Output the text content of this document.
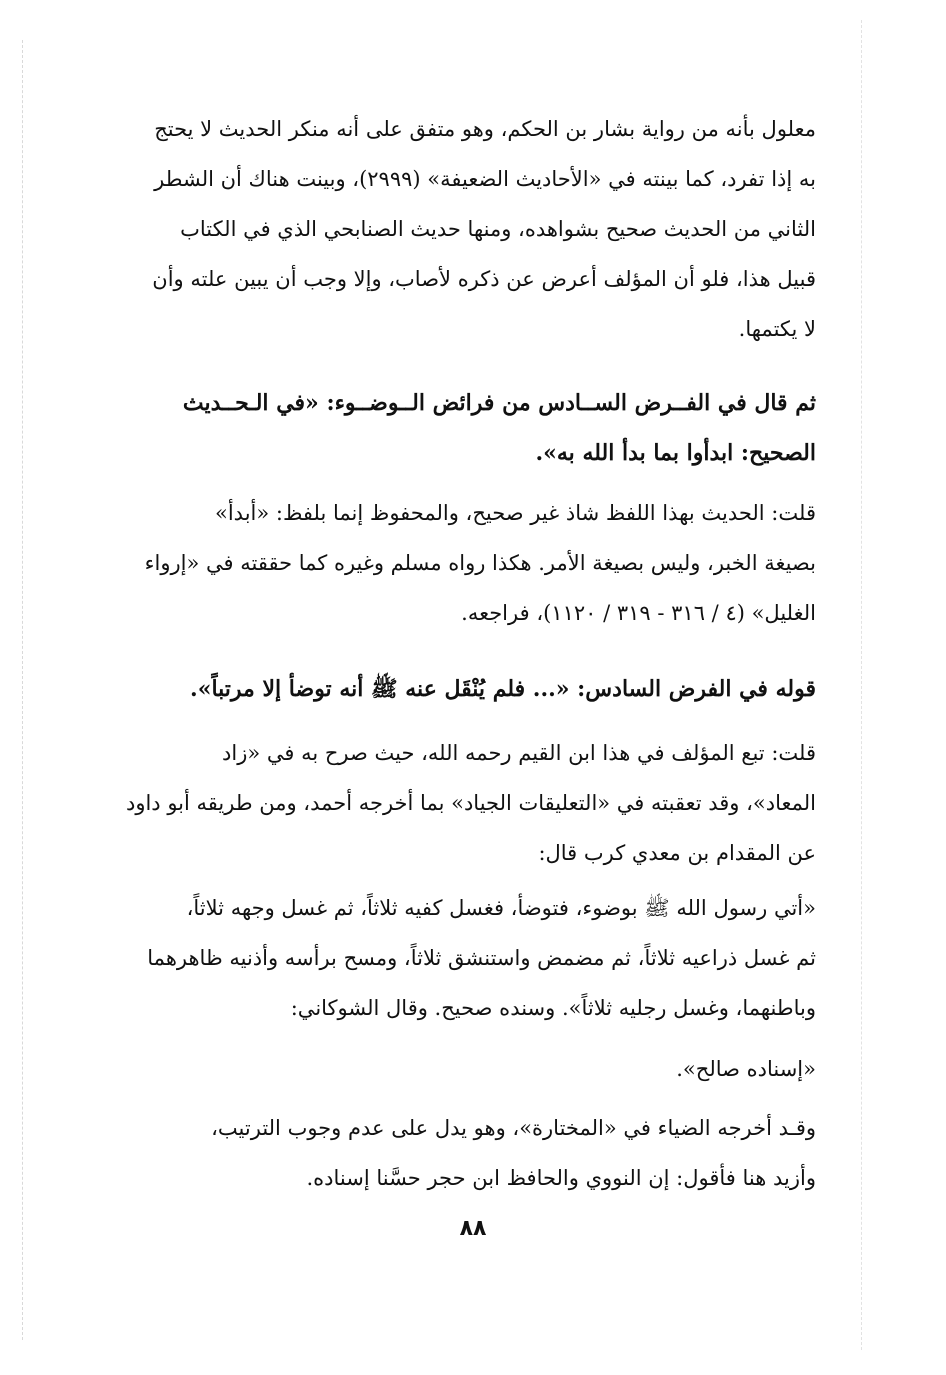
معلول بأنه من رواية بشار بن الحكم، وهو متفق على أنه منكر الحديث لا يحتج
به إذا تفرد، كما بينته في «الأحاديث الضعيفة» (٢٩٩٩)، وبينت هناك أن الشطر
الثاني من الحديث صحيح بشواهده، ومنها حديث الصنابحي الذي في الكتاب
قبيل هذا، فلو أن المؤلف أعرض عن ذكره لأصاب، وإلا وجب أن يبين علته وأن
لا يكتمها.
ثم قال في الفــرض الســادس من فرائض الــوضــوء: «في الـحــديث
الصحيح: ابدأوا بما بدأ الله به».
قلت: الحديث بهذا اللفظ شاذ غير صحيح، والمحفوظ إنما بلفظ: «أبدأ»
بصيغة الخبر، وليس بصيغة الأمر. هكذا رواه مسلم وغيره كما حققته في «إرواء
الغليل» (٤ / ٣١٦ - ٣١٩ / ١١٢٠)، فراجعه.
قوله في الفرض السادس: «... فلم يُنْقَل عنه ﷺ أنه توضأ إلا مرتباً».
قلت: تبع المؤلف في هذا ابن القيم رحمه الله، حيث صرح به في «زاد
المعاد»، وقد تعقبته في «التعليقات الجياد» بما أخرجه أحمد، ومن طريقه أبو داود
عن المقدام بن معدي كرب قال:
«أتي رسول الله ﷺ بوضوء، فتوضأ، فغسل كفيه ثلاثاً، ثم غسل وجهه ثلاثاً،
ثم غسل ذراعيه ثلاثاً، ثم مضمض واستنشق ثلاثاً، ومسح برأسه وأذنيه ظاهرهما
وباطنهما، وغسل رجليه ثلاثاً». وسنده صحيح. وقال الشوكاني:
«إسناده صالح».
وقـد أخرجه الضياء في «المختارة»، وهو يدل على عدم وجوب الترتيب،
وأزيد هنا فأقول: إن النووي والحافظ ابن حجر حسَّنا إسناده.
٨٨
